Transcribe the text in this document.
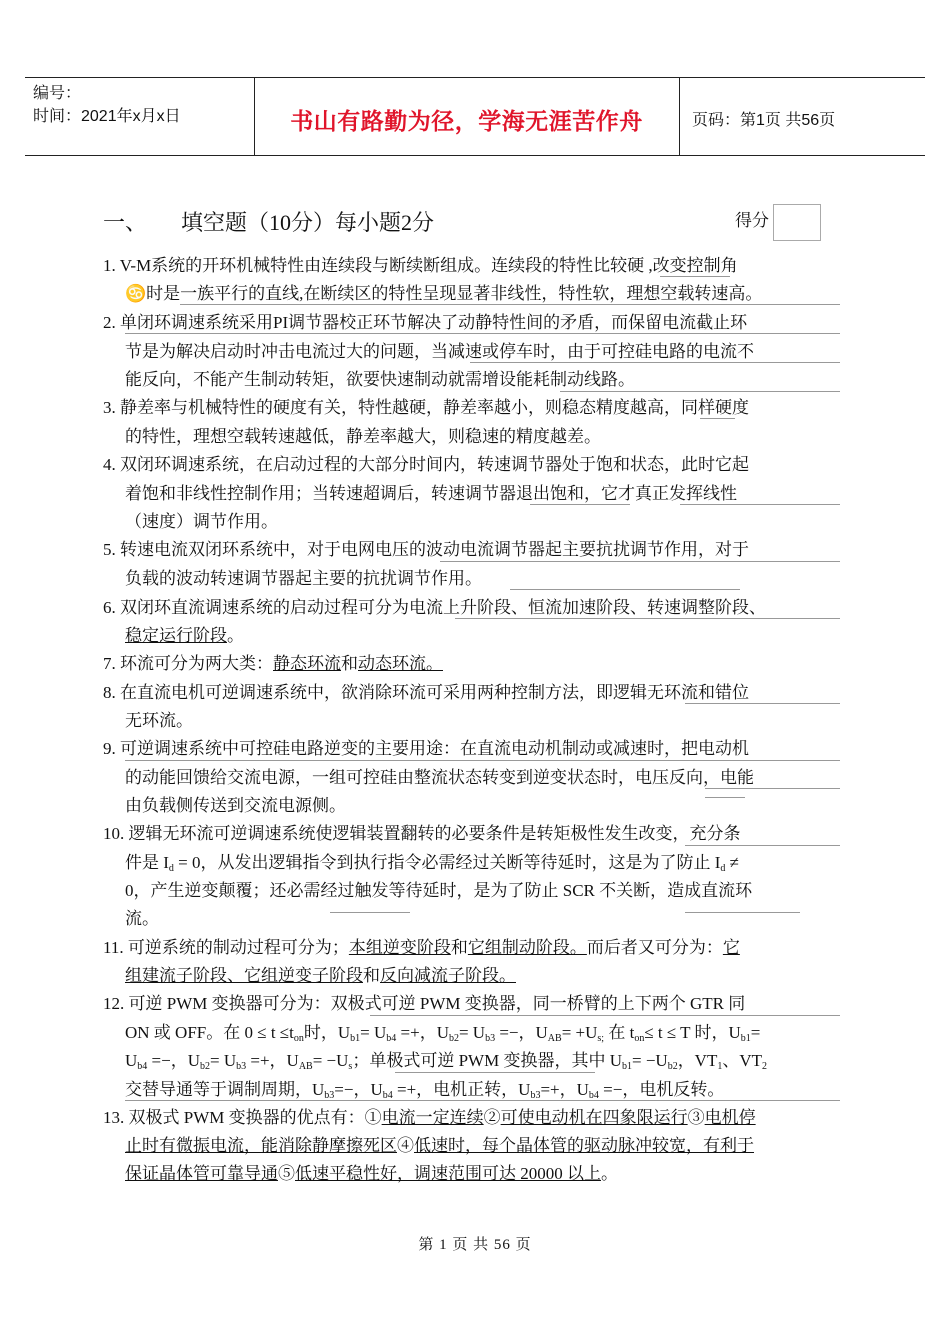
编号：
时间：2021年x月x日	书山有路勤为径，学海无涯苦作舟	页码：第1页 共56页
一、 填空题（10分）每小题2分	得分
1. V-M系统的开环机械特性由连续段与断续断组成。连续段的特性比较硬 ,改变控制角
♋时是一族平行的直线,在断续区的特性呈现显著非线性，特性软，理想空载转速高。
2. 单闭环调速系统采用PI调节器校正环节解决了动静特性间的矛盾，而保留电流截止环
节是为解决启动时冲击电流过大的问题，当减速或停车时，由于可控硅电路的电流不
能反向，不能产生制动转矩，欲要快速制动就需增设能耗制动线路。
3. 静差率与机械特性的硬度有关，特性越硬，静差率越小，则稳态精度越高，同样硬度
的特性，理想空载转速越低，静差率越大，则稳速的精度越差。
4. 双闭环调速系统，在启动过程的大部分时间内，转速调节器处于饱和状态，此时它起
着饱和非线性控制作用；当转速超调后，转速调节器退出饱和，它才真正发挥线性
（速度）调节作用。
5. 转速电流双闭环系统中，对于电网电压的波动电流调节器起主要抗扰调节作用，对于
负载的波动转速调节器起主要的抗扰调节作用。
6. 双闭环直流调速系统的启动过程可分为电流上升阶段、恒流加速阶段、转速调整阶段、
稳定运行阶段。
7. 环流可分为两大类：静态环流和动态环流。
8. 在直流电机可逆调速系统中，欲消除环流可采用两种控制方法，即逻辑无环流和错位
无环流。
9. 可逆调速系统中可控硅电路逆变的主要用途：在直流电动机制动或减速时，把电动机
的动能回馈给交流电源，一组可控硅由整流状态转变到逆变状态时，电压反向，电能
由负载侧传送到交流电源侧。
10. 逻辑无环流可逆调速系统使逻辑装置翻转的必要条件是转矩极性发生改变，充分条
件是 $I_d = 0$，从发出逻辑指令到执行指令必需经过关断等待延时，这是为了防止 $I_d$ ≠
0，产生逆变颠覆；还必需经过触发等待延时，是为了防止 SCR 不关断，造成直流环
流。
11. 可逆系统的制动过程可分为；本组逆变阶段和它组制动阶段。而后者又可分为：它
组建流子阶段、它组逆变子阶段和反向减流子阶段。
12. 可逆 PWM 变换器可分为：双极式可逆 PWM 变换器，同一桥臂的上下两个 GTR 同
ON 或 OFF。在 $0 \le t \le t_{on}$时，$U_{b1}= U_{b4}$ =+，$U_{b2}= U_{b3}$ =−，$U_{AB}= +U_{s;}$ 在 $t_{on}\le t \le T$ 时，$U_{b1}=$
$U_{b4}$ =−，$U_{b2}= U_{b3}$ =+，$U_{AB}= -U_s$；单极式可逆 PWM 变换器，其中 $U_{b1}= -U_{b2}$，$VT_1$、$VT_2$
交替导通等于调制周期，$U_{b3}=-$，$U_{b4}$ =+，电机正转，$U_{b3}=+$，$U_{b4}$ =−，电机反转。
13. 双极式 PWM 变换器的优点有：①电流一定连续②可使电动机在四象限运行③电机停
止时有微振电流，能消除静摩擦死区④低速时，每个晶体管的驱动脉冲较宽，有利于
保证晶体管可靠导通⑤低速平稳性好，调速范围可达 20000 以上。
第 1 页 共 56 页
